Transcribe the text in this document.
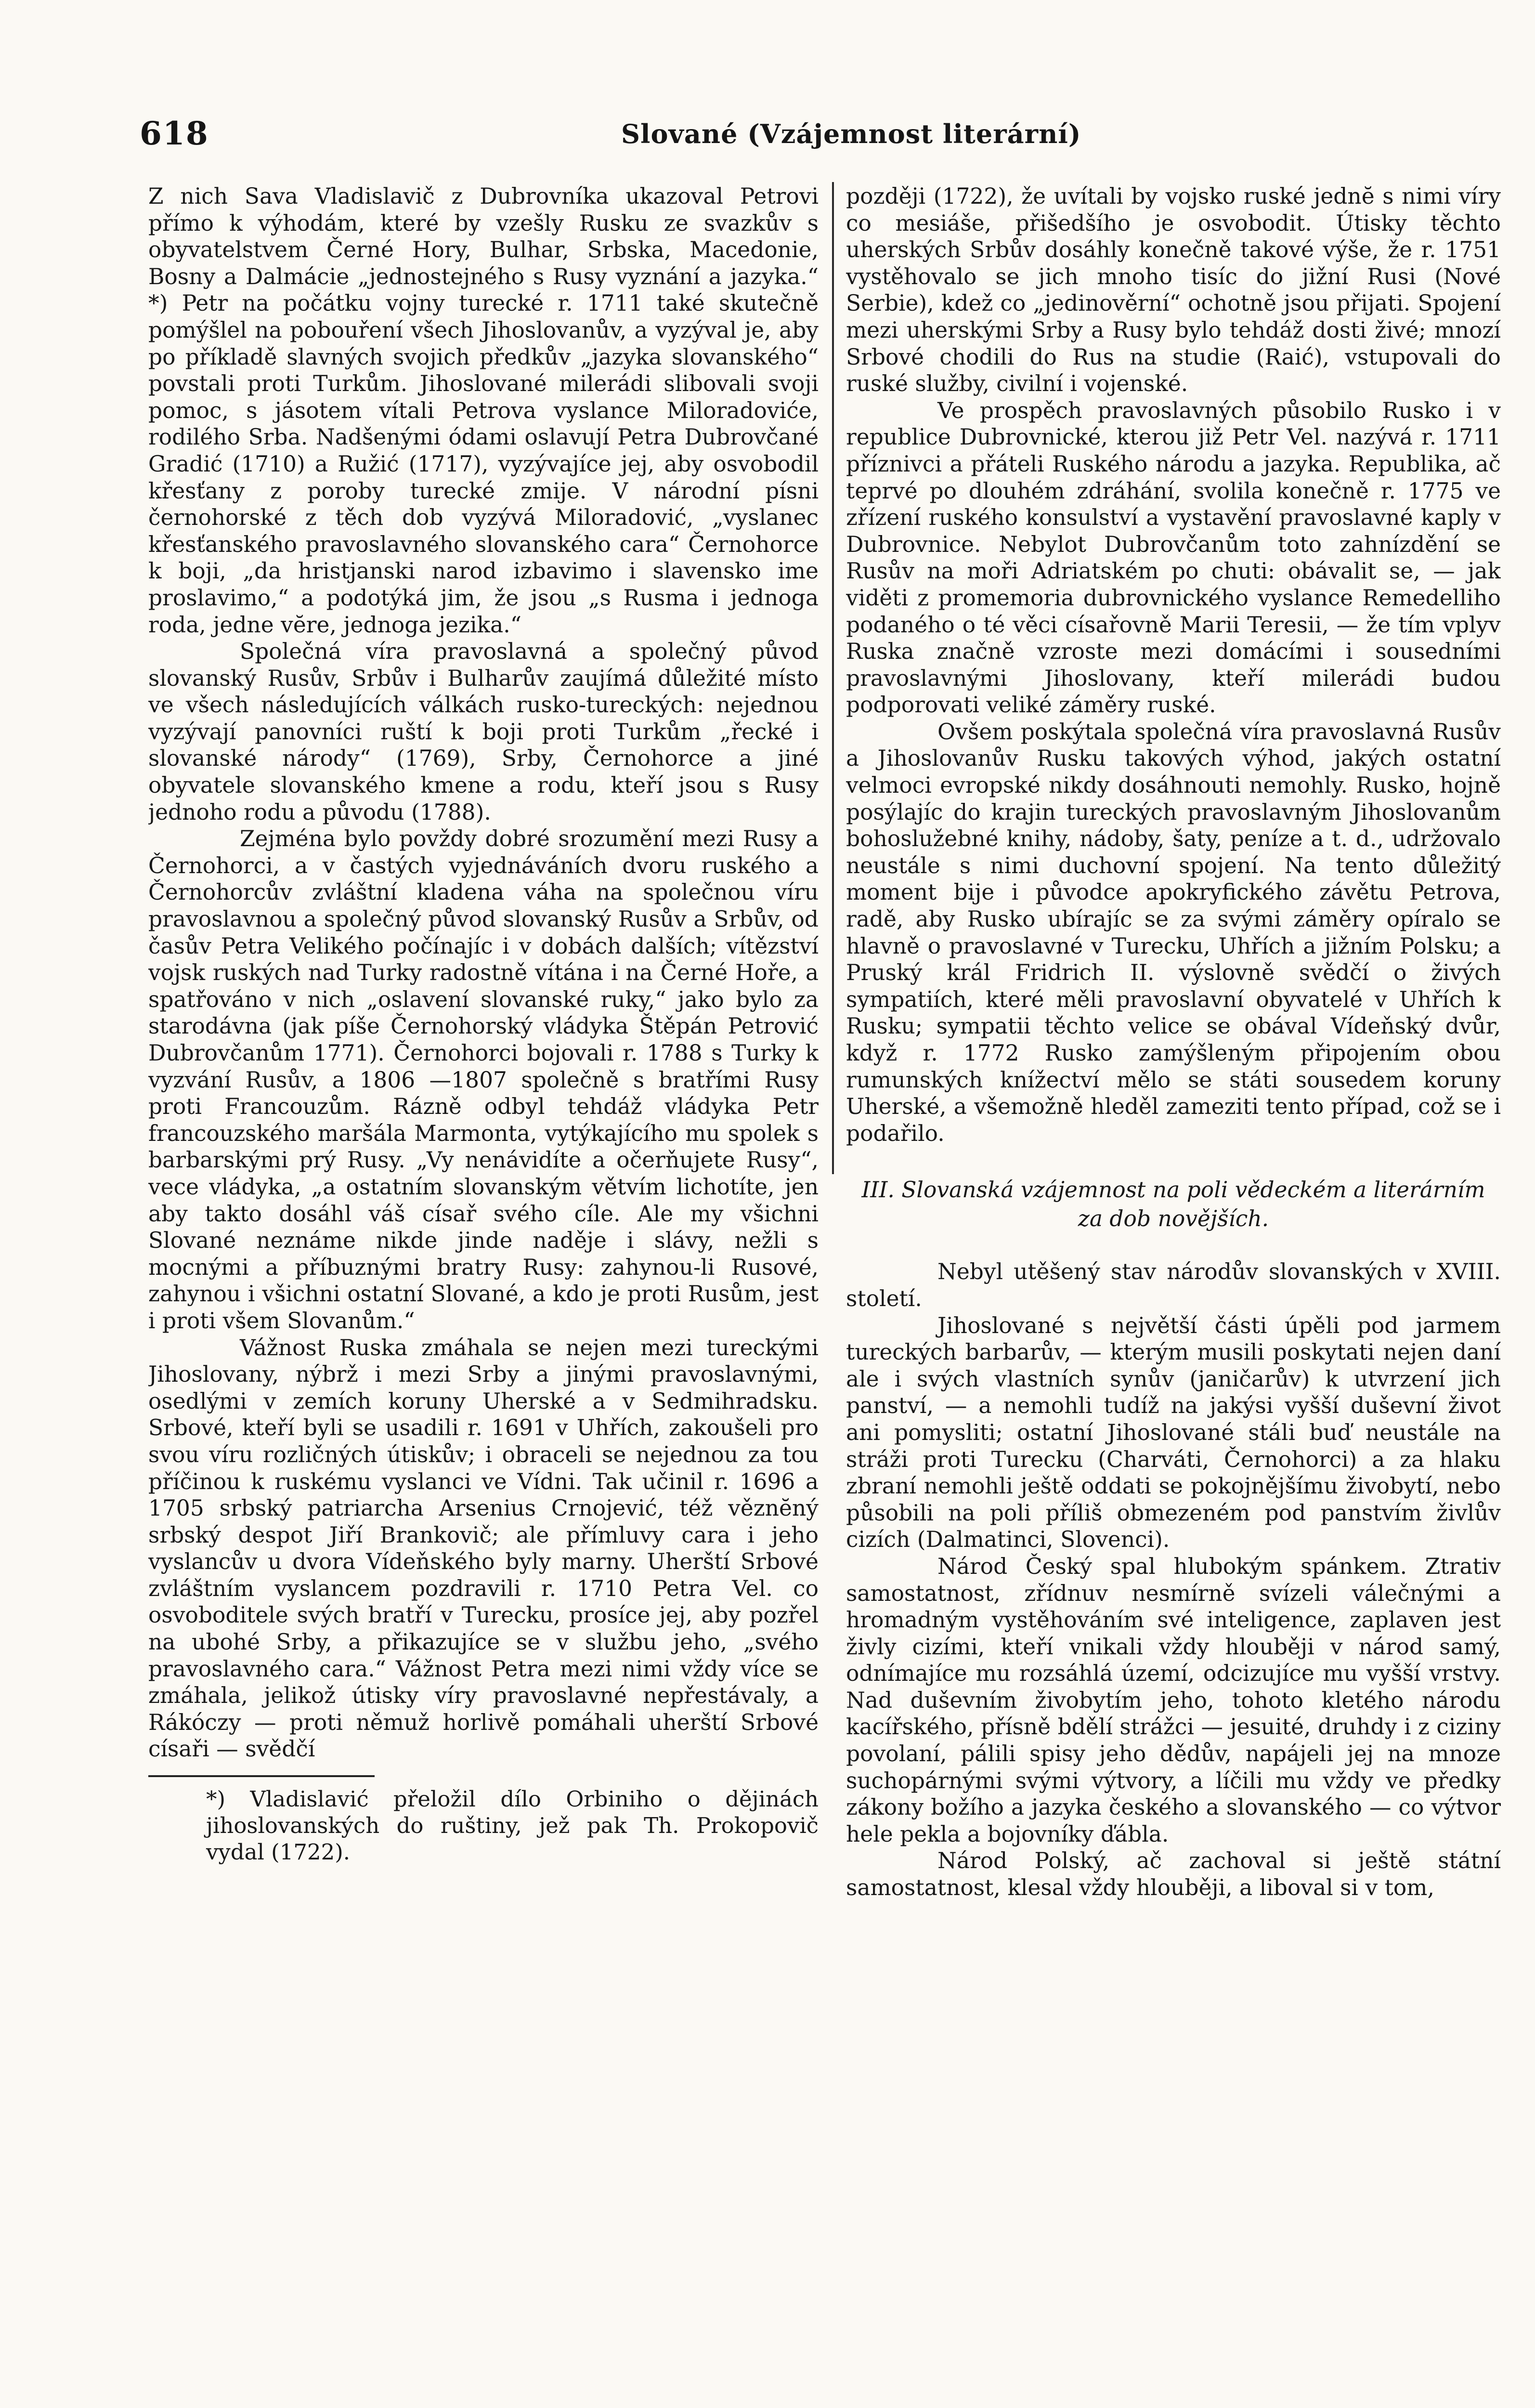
618	Slované (Vzájemnost literární)

Z nich Sava Vladislavič z Dubrovníka ukazoval Petrovi přímo k výhodám, které by vzešly Rusku ze svazkův s obyvatelstvem Černé Hory, Bulhar, Srbska, Macedonie, Bosny a Dalmácie „jednostejného s Rusy vyznání a jazyka.“ *) Petr na počátku vojny turecké r. 1711 také skutečně pomýšlel na pobouření všech Jihoslovanův, a vyzýval je, aby po příkladě slavných svojich předkův „jazyka slovanského“ povstali proti Turkům. Jihoslované milerádi slibovali svoji pomoc, s jásotem vítali Petrova vyslance Miloradoviće, rodilého Srba. Nadšenými ódami oslavují Petra Dubrovčané Gradić (1710) a Ružić (1717), vyzývajíce jej, aby osvobodil křesťany z poroby turecké zmije. V národní písni černohorské z těch dob vyzývá Miloradović, „vyslanec křesťanského pravoslavného slovanského cara“ Černohorce k boji, „da hristjanski narod izbavimo i slavensko ime proslavimo,“ a podotýká jim, že jsou „s Rusma i jednoga roda, jedne vĕre, jednoga jezika.“

Společná víra pravoslavná a společný původ slovanský Rusův, Srbův i Bulharův zaujímá důležité místo ve všech následujících válkách rusko-tureckých: nejednou vyzývají panovníci ruští k boji proti Turkům „řecké i slovanské národy“ (1769), Srby, Černohorce a jiné obyvatele slovanského kmene a rodu, kteří jsou s Rusy jednoho rodu a původu (1788).

Zejména bylo povždy dobré srozumění mezi Rusy a Černohorci, a v častých vyjednáváních dvoru ruského a Černohorcův zvláštní kladena váha na společnou víru pravoslavnou a společný původ slovanský Rusův a Srbův, od časův Petra Velikého počínajíc i v dobách dalších; vítězství vojsk ruských nad Turky radostně vítána i na Černé Hoře, a spatřováno v nich „oslavení slovanské ruky,“ jako bylo za starodávna (jak píše Černohorský vládyka Štěpán Petrović Dubrovčanům 1771). Černohorci bojovali r. 1788 s Turky k vyzvání Rusův, a 1806 —1807 společně s bratřími Rusy proti Francouzům. Rázně odbyl tehdáž vládyka Petr francouzského maršála Marmonta, vytýkajícího mu spolek s barbarskými prý Rusy. „Vy nenávidíte a očerňujete Rusy“, vece vládyka, „a ostatním slovanským větvím lichotíte, jen aby takto dosáhl váš císař svého cíle. Ale my všichni Slované neznáme nikde jinde naděje i slávy, nežli s mocnými a příbuznými bratry Rusy: zahynou-li Rusové, zahynou i všichni ostatní Slované, a kdo je proti Rusům, jest i proti všem Slovanům.“

Vážnost Ruska zmáhala se nejen mezi tureckými Jihoslovany, nýbrž i mezi Srby a jinými pravoslavnými, osedlými v zemích koruny Uherské a v Sedmihradsku. Srbové, kteří byli se usadili r. 1691 v Uhřích, zakoušeli pro svou víru rozličných útiskův; i obraceli se nejednou za tou příčinou k ruskému vyslanci ve Vídni. Tak učinil r. 1696 a 1705 srbský patriarcha Arsenius Crnojević, též věznĕný srbský despot Jiří Brankovič; ale přímluvy cara i jeho vyslancův u dvora Vídeňského byly marny. Uherští Srbové zvláštním vyslancem pozdravili r. 1710 Petra Vel. co osvoboditele svých bratří v Turecku, prosíce jej, aby pozřel na ubohé Srby, a přikazujíce se v službu jeho, „svého pravoslavného cara.“ Vážnost Petra mezi nimi vždy více se zmáhala, jelikož útisky víry pravoslavné nepřestávaly, a Rákóczy — proti němuž horlivě pomáhali uherští Srbové císaři — svědčí

*) Vladislavić přeložil dílo Orbiniho o dějinách jihoslovanských do ruštiny, jež pak Th. Prokopovič vydal (1722).

později (1722), že uvítali by vojsko ruské jednĕ s nimi víry co mesiáše, přišedšího je osvobodit. Útisky těchto uherských Srbův dosáhly konečně takové výše, že r. 1751 vystěhovalo se jich mnoho tisíc do jižní Rusi (Nové Serbie), kdež co „jedinověrní“ ochotně jsou přijati. Spojení mezi uherskými Srby a Rusy bylo tehdáž dosti živé; mnozí Srbové chodili do Rus na studie (Raić), vstupovali do ruské služby, civilní i vojenské.

Ve prospěch pravoslavných působilo Rusko i v republice Dubrovnické, kterou již Petr Vel. nazývá r. 1711 příznivci a přáteli Ruského národu a jazyka. Republika, ač teprvé po dlouhém zdráhání, svolila konečně r. 1775 ve zřízení ruského konsulství a vystavění pravoslavné kaply v Dubrovnice. Nebylot Dubrovčanům toto zahnízdění se Rusův na moři Adriatském po chuti: obávalit se, — jak viděti z promemoria dubrovnického vyslance Remedelliho podaného o té věci císařovně Marii Teresii, — že tím vplyv Ruska značně vzroste mezi domácími i sousedními pravoslavnými Jihoslovany, kteří milerádi budou podporovati veliké záměry ruské.

Ovšem poskýtala společná víra pravoslavná Rusův a Jihoslovanův Rusku takových výhod, jakých ostatní velmoci evropské nikdy dosáhnouti nemohly. Rusko, hojně posýlajíc do krajin tureckých pravoslavným Jihoslovanům bohoslužebné knihy, nádoby, šaty, peníze a t. d., udržovalo neustále s nimi duchovní spojení. Na tento důležitý moment bije i původce apokryfického závětu Petrova, radě, aby Rusko ubírajíc se za svými záměry opíralo se hlavně o pravoslavné v Turecku, Uhřích a jižním Polsku; a Pruský král Fridrich II. výslovně svědčí o živých sympatiích, které měli pravoslavní obyvatelé v Uhřích k Rusku; sympatii těchto velice se obával Vídeňský dvůr, když r. 1772 Rusko zamýšleným připojením obou rumunských knížectví mělo se státi sousedem koruny Uherské, a všemožně hleděl zameziti tento případ, což se i podařilo.

III. Slovanská vzájemnost na poli vědeckém a literárním za dob novějších.

Nebyl utěšený stav národův slovanských v XVIII. století.

Jihoslované s největší části úpěli pod jarmem tureckých barbarův, — kterým musili poskytati nejen daní ale i svých vlastních synův (janičarův) k utvrzení jich panství, — a nemohli tudíž na jakýsi vyšší duševní život ani pomysliti; ostatní Jihoslované stáli buď neustále na stráži proti Turecku (Charváti, Černohorci) a za hlaku zbraní nemohli ještě oddati se pokojnějšímu živobytí, nebo působili na poli příliš obmezeném pod panstvím živlův cizích (Dalmatinci, Slovenci).

Národ Český spal hlubokým spánkem. Ztrativ samostatnost, zřídnuv nesmírně svízeli válečnými a hromadným vystěhováním své inteligence, zaplaven jest živly cizími, kteří vnikali vždy hlouběji v národ samý, odnímajíce mu rozsáhlá území, odcizujíce mu vyšší vrstvy. Nad duševním živobytím jeho, tohoto kletého národu kacířského, přísně bdělí strážci — jesuité, druhdy i z ciziny povolaní, pálili spisy jeho dědův, napájeli jej na mnoze suchopárnými svými výtvory, a líčili mu vždy ve předky zákony božího a jazyka českého a slovanského — co výtvor hele pekla a bojovníky ďábla.

Národ Polský, ač zachoval si ještě státní samostatnost, klesal vždy hlouběji, a liboval si v tom,
